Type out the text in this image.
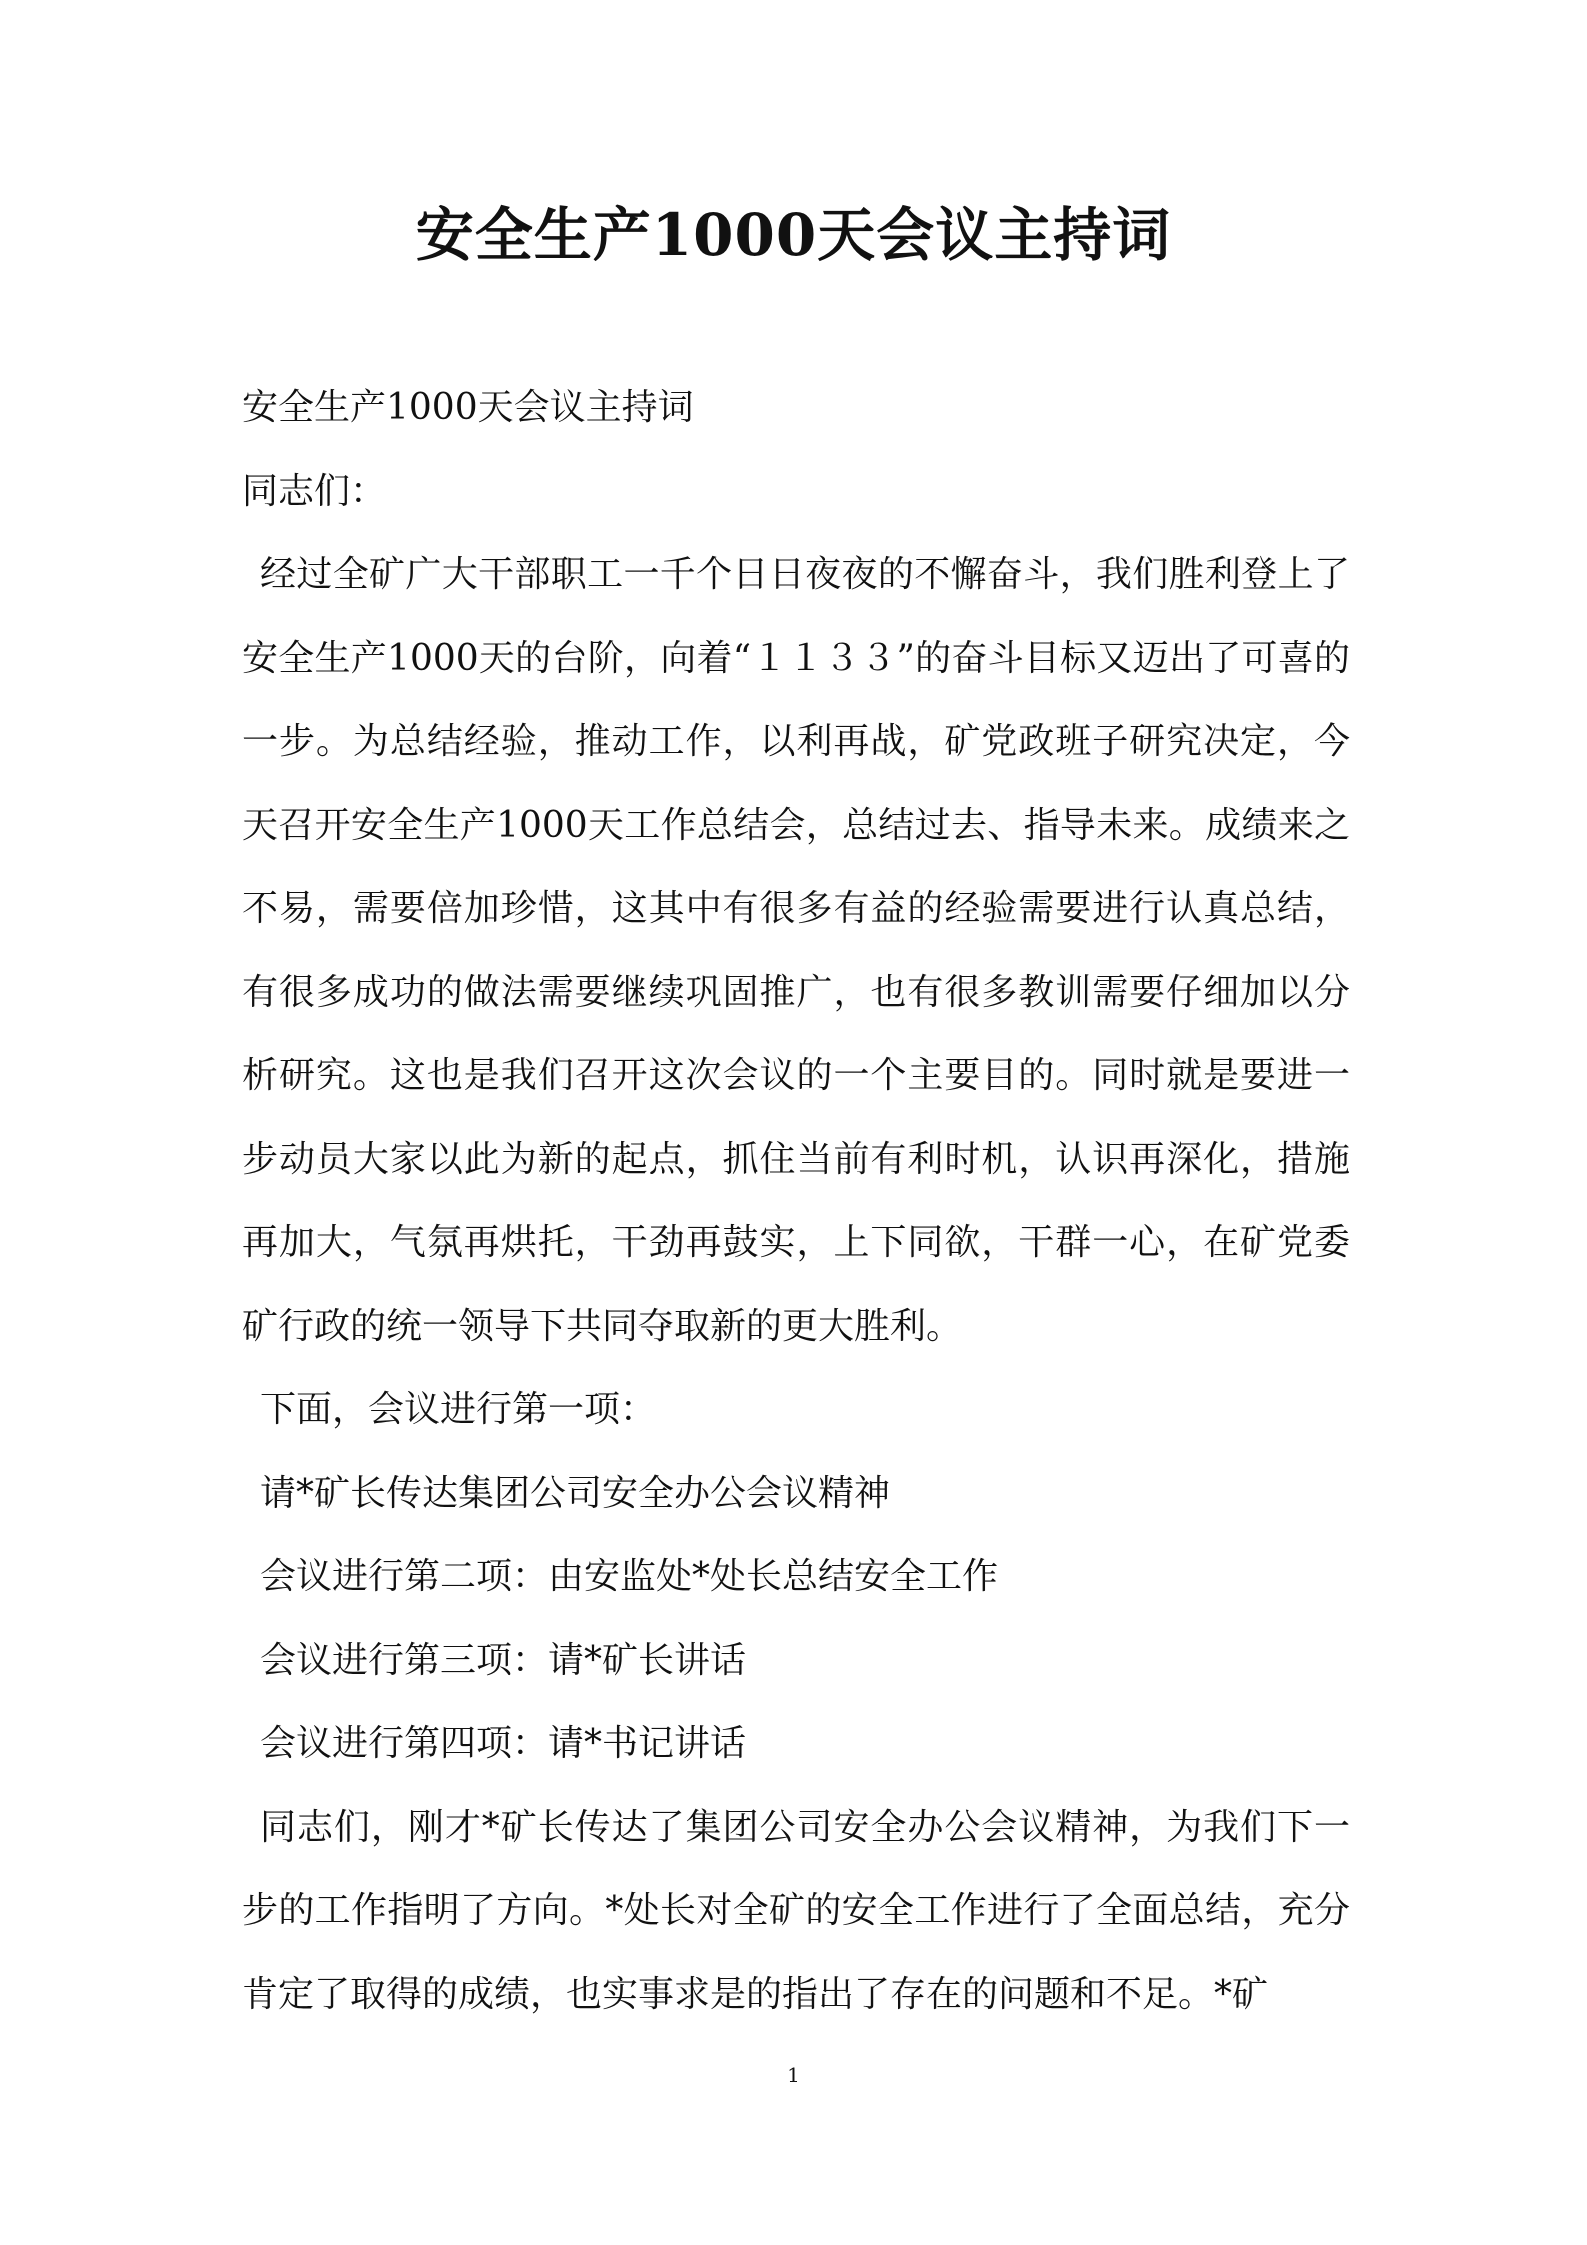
安全生产1000天会议主持词

安全生产1000天会议主持词

同志们：

经过全矿广大干部职工一千个日日夜夜的不懈奋斗，我们胜利登上了安全生产1000天的台阶，向着“１１３３”的奋斗目标又迈出了可喜的一步。为总结经验，推动工作，以利再战，矿党政班子研究决定，今天召开安全生产1000天工作总结会，总结过去、指导未来。成绩来之不易，需要倍加珍惜，这其中有很多有益的经验需要进行认真总结，有很多成功的做法需要继续巩固推广，也有很多教训需要仔细加以分析研究。这也是我们召开这次会议的一个主要目的。同时就是要进一步动员大家以此为新的起点，抓住当前有利时机，认识再深化，措施再加大，气氛再烘托，干劲再鼓实，上下同欲，干群一心，在矿党委矿行政的统一领导下共同夺取新的更大胜利。

下面，会议进行第一项：

请*矿长传达集团公司安全办公会议精神

会议进行第二项：由安监处*处长总结安全工作

会议进行第三项：请*矿长讲话

会议进行第四项：请*书记讲话

同志们，刚才*矿长传达了集团公司安全办公会议精神，为我们下一步的工作指明了方向。*处长对全矿的安全工作进行了全面总结，充分肯定了取得的成绩，也实事求是的指出了存在的问题和不足。*矿

1
